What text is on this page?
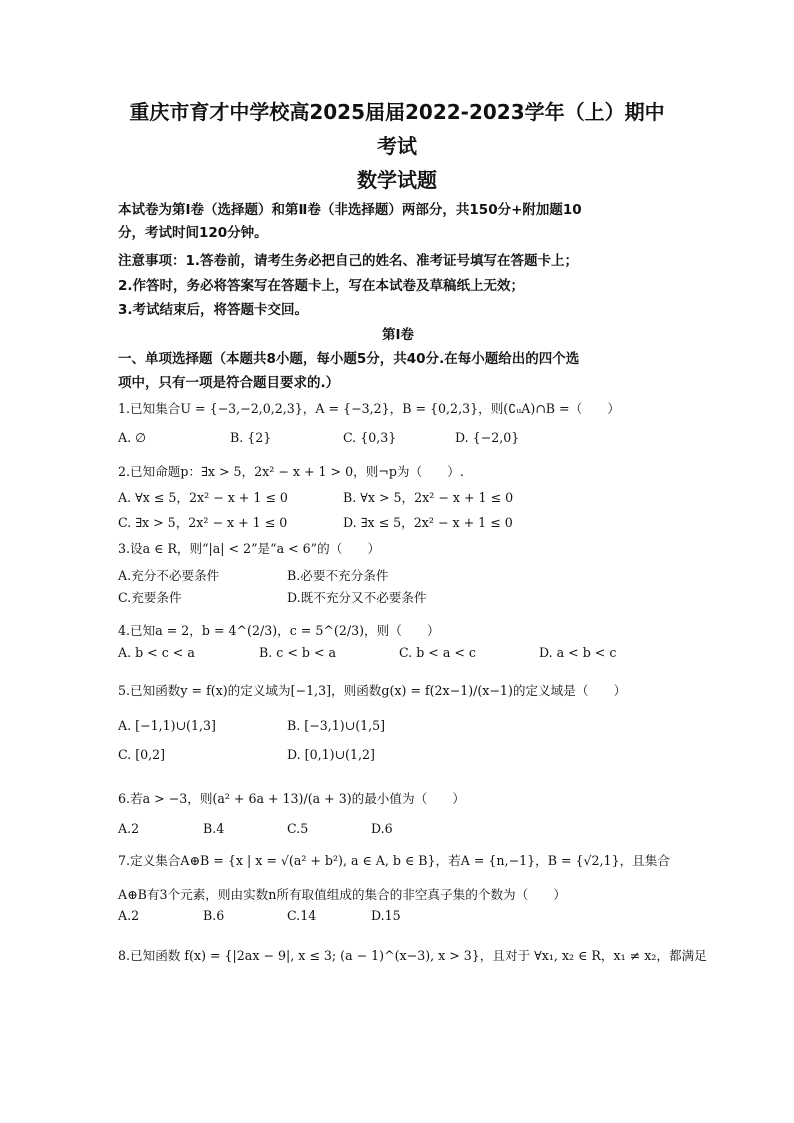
重庆市育才中学校高2025届届2022-2023学年（上）期中
考试
数学试题
本试卷为第Ⅰ卷（选择题）和第Ⅱ卷（非选择题）两部分，共150分+附加题10
分，考试时间120分钟。
注意事项：1.答卷前，请考生务必把自己的姓名、准考证号填写在答题卡上；
2.作答时，务必将答案写在答题卡上，写在本试卷及草稿纸上无效；
3.考试结束后，将答题卡交回。
第Ⅰ卷
一、单项选择题（本题共8小题，每小题5分，共40分.在每小题给出的四个选
项中，只有一项是符合题目要求的.）
1.已知集合U = {−3,−2,0,2,3}，A = {−3,2}，B = {0,2,3}，则(∁ᵤA)∩B =（　　）
A. ∅	B. {2}	C. {0,3}	D. {−2,0}
2.已知命题p：∃x > 5，2x² − x + 1 > 0，则¬p为（　　）.
A. ∀x ≤ 5，2x² − x + 1 ≤ 0	B. ∀x > 5，2x² − x + 1 ≤ 0
C. ∃x > 5，2x² − x + 1 ≤ 0	D. ∃x ≤ 5，2x² − x + 1 ≤ 0
3.设a ∈ R，则“|a| < 2”是“a < 6”的（　　）
A.充分不必要条件	B.必要不充分条件
C.充要条件	D.既不充分又不必要条件
4.已知a = 2，b = 4^(2/3)，c = 5^(2/3)，则（　　）
A. b < c < a	B. c < b < a	C. b < a < c	D. a < b < c
5.已知函数y = f(x)的定义域为[−1,3]，则函数g(x) = f(2x−1)/(x−1)的定义域是（　　）
A. [−1,1)∪(1,3]	B. [−3,1)∪(1,5]
C. [0,2]	D. [0,1)∪(1,2]
6.若a > −3，则(a² + 6a + 13)/(a + 3)的最小值为（　　）
A.2	B.4	C.5	D.6
7.定义集合A⊕B = {x | x = √(a² + b²), a ∈ A, b ∈ B}，若A = {n,−1}，B = {√2,1}，且集合
A⊕B有3个元素，则由实数n所有取值组成的集合的非空真子集的个数为（　　）
A.2	B.6	C.14	D.15
8.已知函数 f(x) = {|2ax − 9|, x ≤ 3; (a − 1)^(x−3), x > 3}，且对于 ∀x₁, x₂ ∈ R，x₁ ≠ x₂，都满足
